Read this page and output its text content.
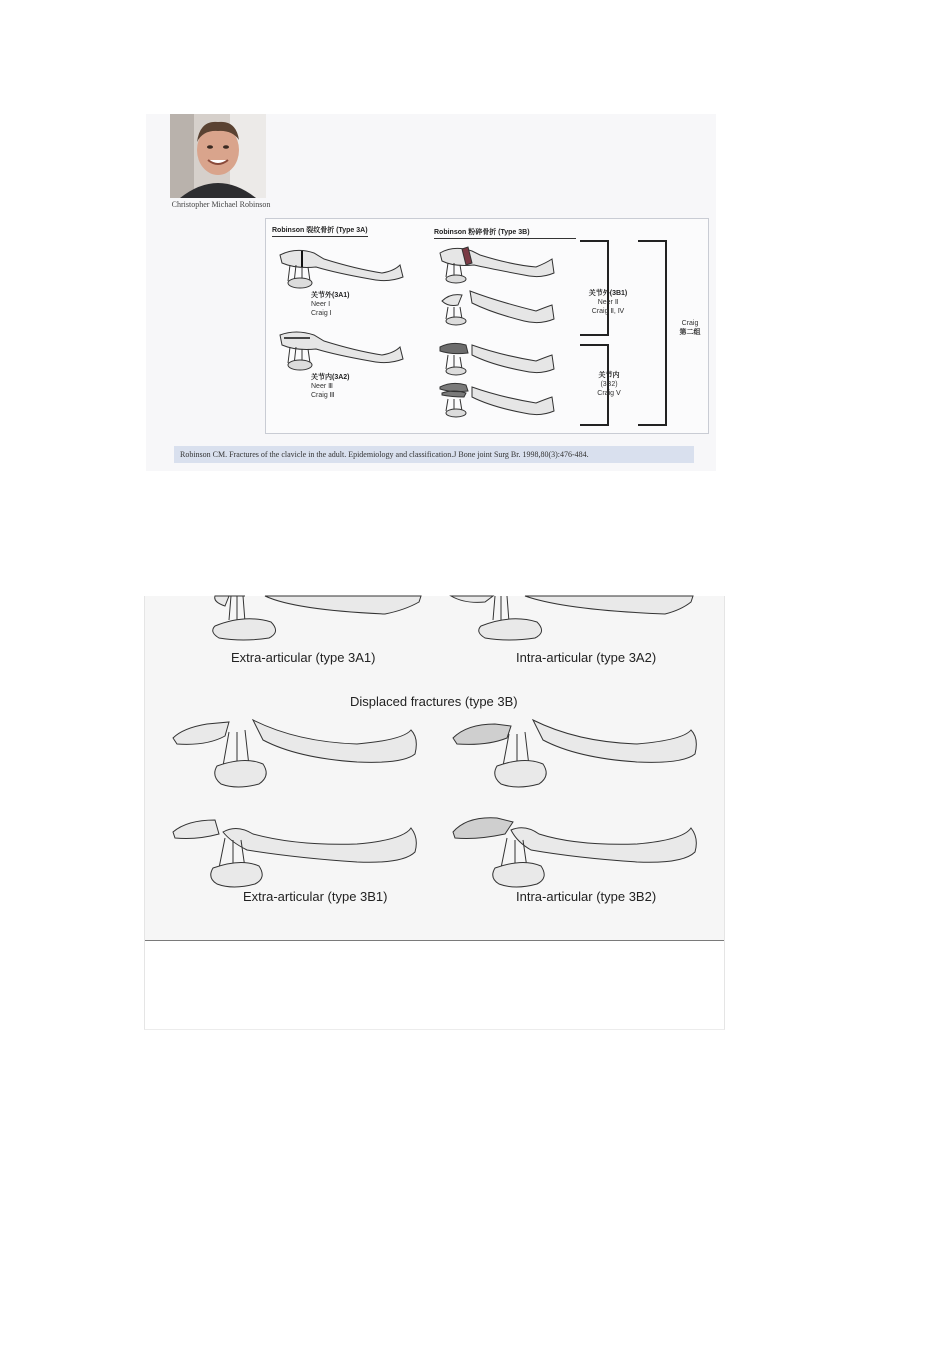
Christopher Michael Robinson
Robinson 裂纹骨折 (Type 3A)	Robinson 粉碎骨折 (Type 3B)
关节外(3A1)
Neer Ⅰ
Craig Ⅰ
关节内(3A2)
Neer Ⅲ
Craig Ⅲ
关节外(3B1)
Neer Ⅱ
Craig Ⅱ, Ⅳ
关节内
(3B2)
Craig Ⅴ
Craig
第二组
Robinson CM. Fractures of the clavicle in the adult. Epidemiology and classification.J Bone joint Surg Br. 1998,80(3):476-484.
Extra-articular (type 3A1)	Intra-articular (type 3A2)
Displaced fractures (type 3B)
Extra-articular (type 3B1)	Intra-articular (type 3B2)
